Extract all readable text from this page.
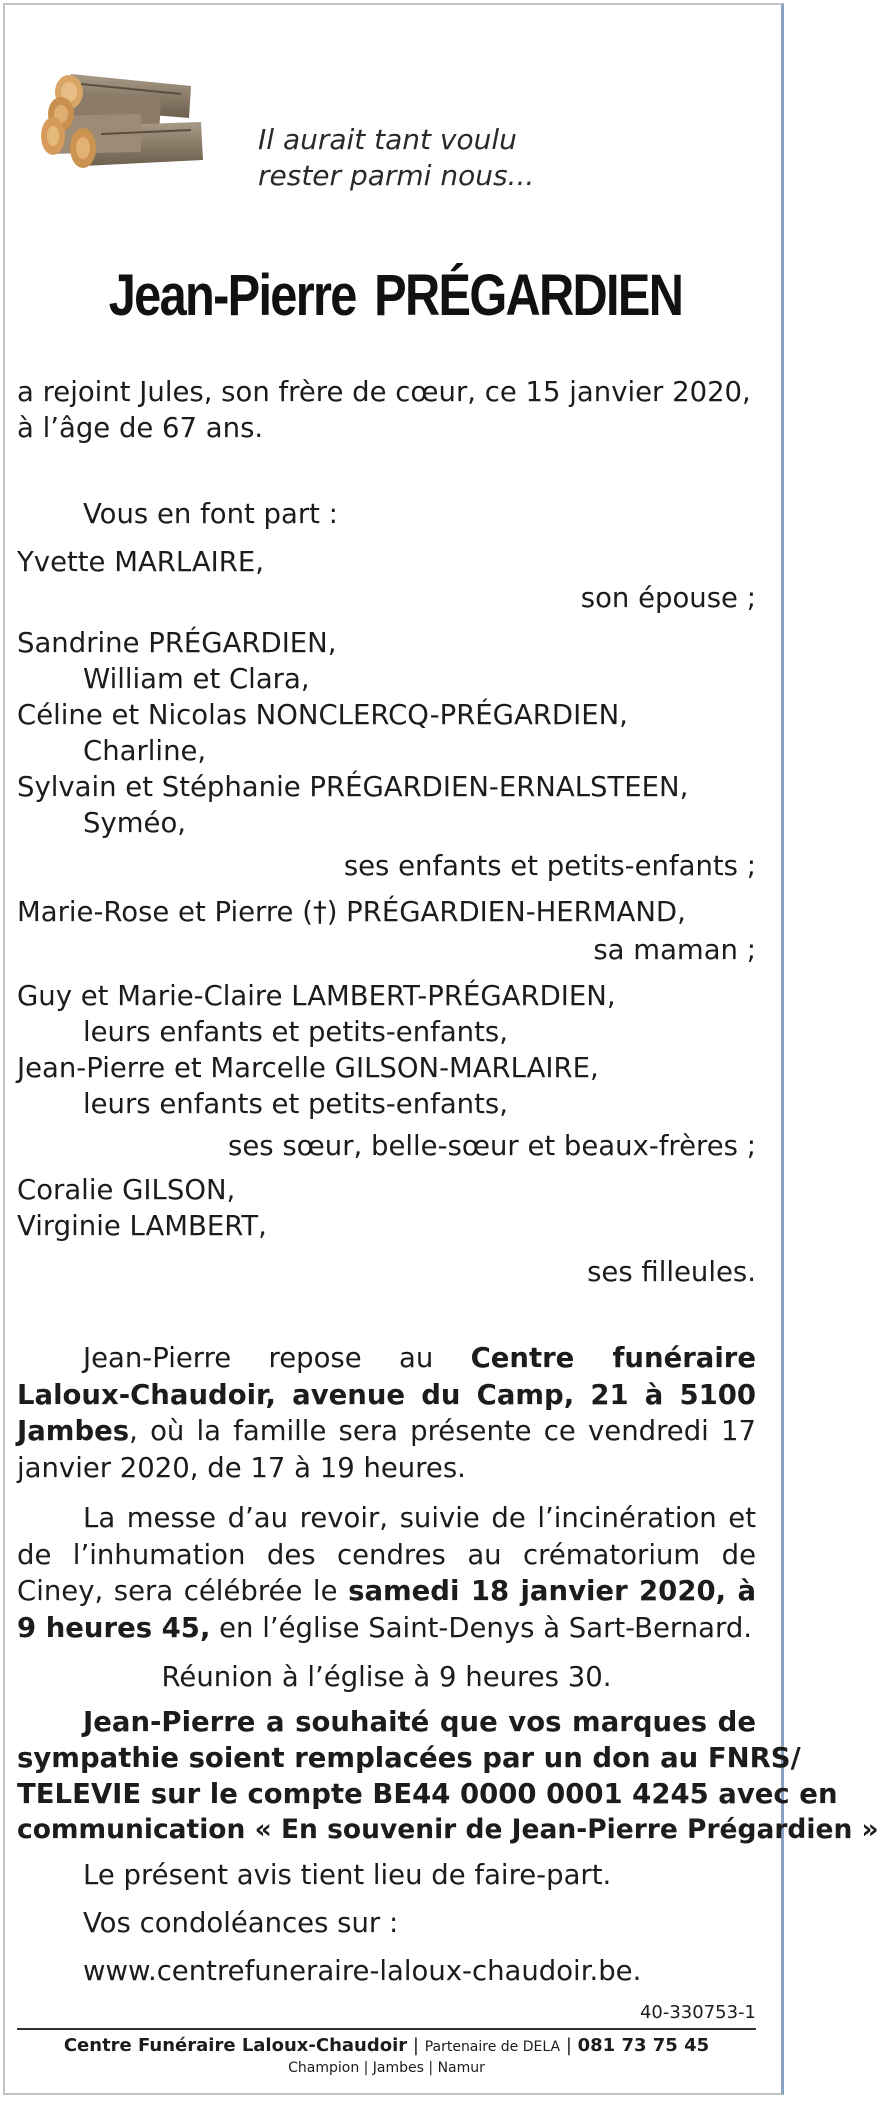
Il aurait tant voulu
rester parmi nous...
Jean-Pierre PRÉGARDIEN
a rejoint Jules, son frère de cœur, ce 15 janvier 2020,
à l’âge de 67 ans.
Vous en font part :
Yvette MARLAIRE,
son épouse ;
Sandrine PRÉGARDIEN,
William et Clara,
Céline et Nicolas NONCLERCQ-PRÉGARDIEN,
Charline,
Sylvain et Stéphanie PRÉGARDIEN-ERNALSTEEN,
Syméo,
ses enfants et petits-enfants ;
Marie-Rose et Pierre (†) PRÉGARDIEN-HERMAND,
sa maman ;
Guy et Marie-Claire LAMBERT-PRÉGARDIEN,
leurs enfants et petits-enfants,
Jean-Pierre et Marcelle GILSON-MARLAIRE,
leurs enfants et petits-enfants,
ses sœur, belle-sœur et beaux-frères ;
Coralie GILSON,
Virginie LAMBERT,
ses filleules.
Jean-Pierre repose au Centre funéraire Laloux-Chaudoir, avenue du Camp, 21 à 5100 Jambes, où la famille sera présente ce vendredi 17 janvier 2020, de 17 à 19 heures.
La messe d’au revoir, suivie de l’incinération et de l’inhumation des cendres au crématorium de Ciney, sera célébrée le samedi 18 janvier 2020, à 9 heures 45, en l’église Saint-Denys à Sart-Bernard.
Réunion à l’église à 9 heures 30.
Jean-Pierre a souhaité que vos marques de
sympathie soient remplacées par un don au FNRS/
TELEVIE sur le compte BE44 0000 0001 4245 avec en
communication « En souvenir de Jean-Pierre Prégardien »
Le présent avis tient lieu de faire-part.
Vos condoléances sur :
www.centrefuneraire-laloux-chaudoir.be.
40-330753-1
Centre Funéraire Laloux-Chaudoir | Partenaire de DELA | 081 73 75 45
Champion | Jambes | Namur
